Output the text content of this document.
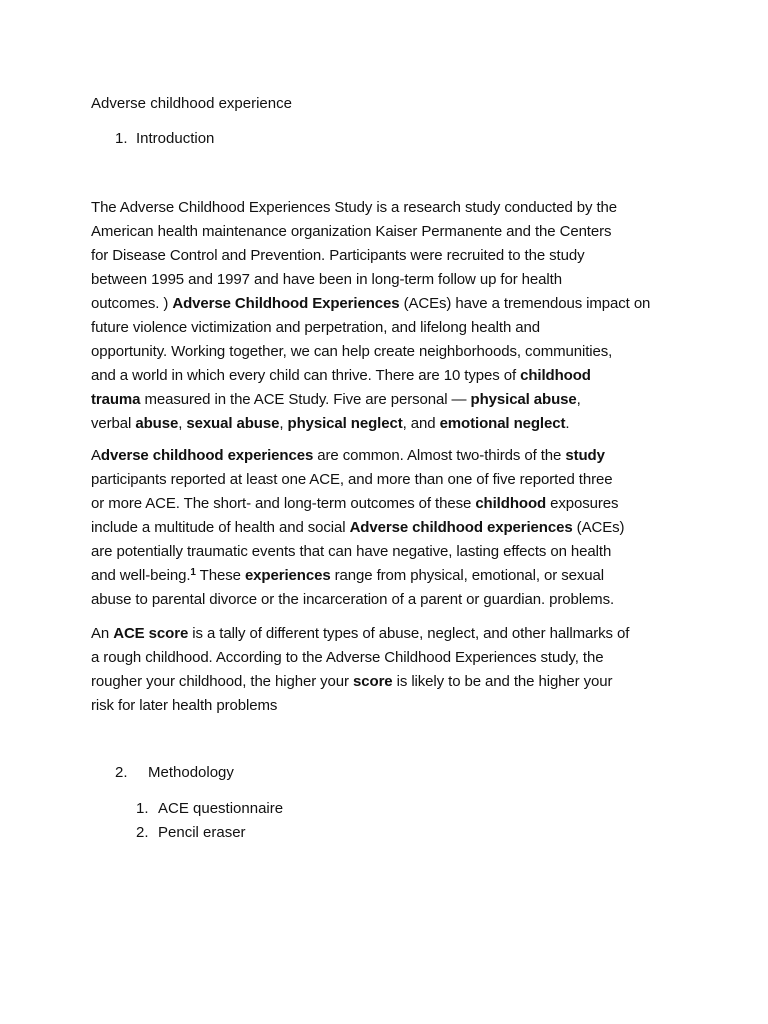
Adverse childhood experience
1. Introduction

The Adverse Childhood Experiences Study is a research study conducted by the
American health maintenance organization Kaiser Permanente and the Centers
for Disease Control and Prevention. Participants were recruited to the study
between 1995 and 1997 and have been in long-term follow up for health
outcomes. ) Adverse Childhood Experiences (ACEs) have a tremendous impact on
future violence victimization and perpetration, and lifelong health and
opportunity. Working together, we can help create neighborhoods, communities,
and a world in which every child can thrive. There are 10 types of childhood
trauma measured in the ACE Study. Five are personal — physical abuse,
verbal abuse, sexual abuse, physical neglect, and emotional neglect.

Adverse childhood experiences are common. Almost two-thirds of the study
participants reported at least one ACE, and more than one of five reported three
or more ACE. The short- and long-term outcomes of these childhood exposures
include a multitude of health and social Adverse childhood experiences (ACEs)
are potentially traumatic events that can have negative, lasting effects on health
and well-being.$^1$ These experiences range from physical, emotional, or sexual
abuse to parental divorce or the incarceration of a parent or guardian. problems.

An ACE score is a tally of different types of abuse, neglect, and other hallmarks of
a rough childhood. According to the Adverse Childhood Experiences study, the
rougher your childhood, the higher your score is likely to be and the higher your
risk for later health problems

2. Methodology
1. ACE questionnaire
2. Pencil eraser
